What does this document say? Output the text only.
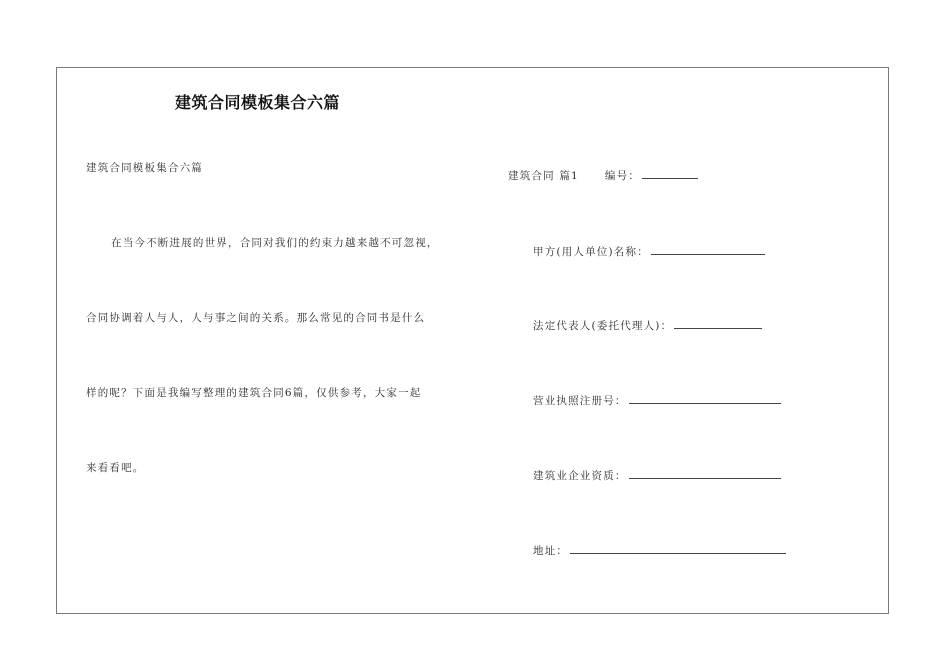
建筑合同模板集合六篇
建筑合同模板集合六篇
在当今不断进展的世界，合同对我们的约束力越来越不可忽视，
合同协调着人与人，人与事之间的关系。那么常见的合同书是什么
样的呢？下面是我编写整理的建筑合同6篇，仅供参考，大家一起
来看看吧。
建筑合同 篇1 编号：
甲方(用人单位)名称：
法定代表人(委托代理人)：
营业执照注册号：
建筑业企业资质：
地址：
